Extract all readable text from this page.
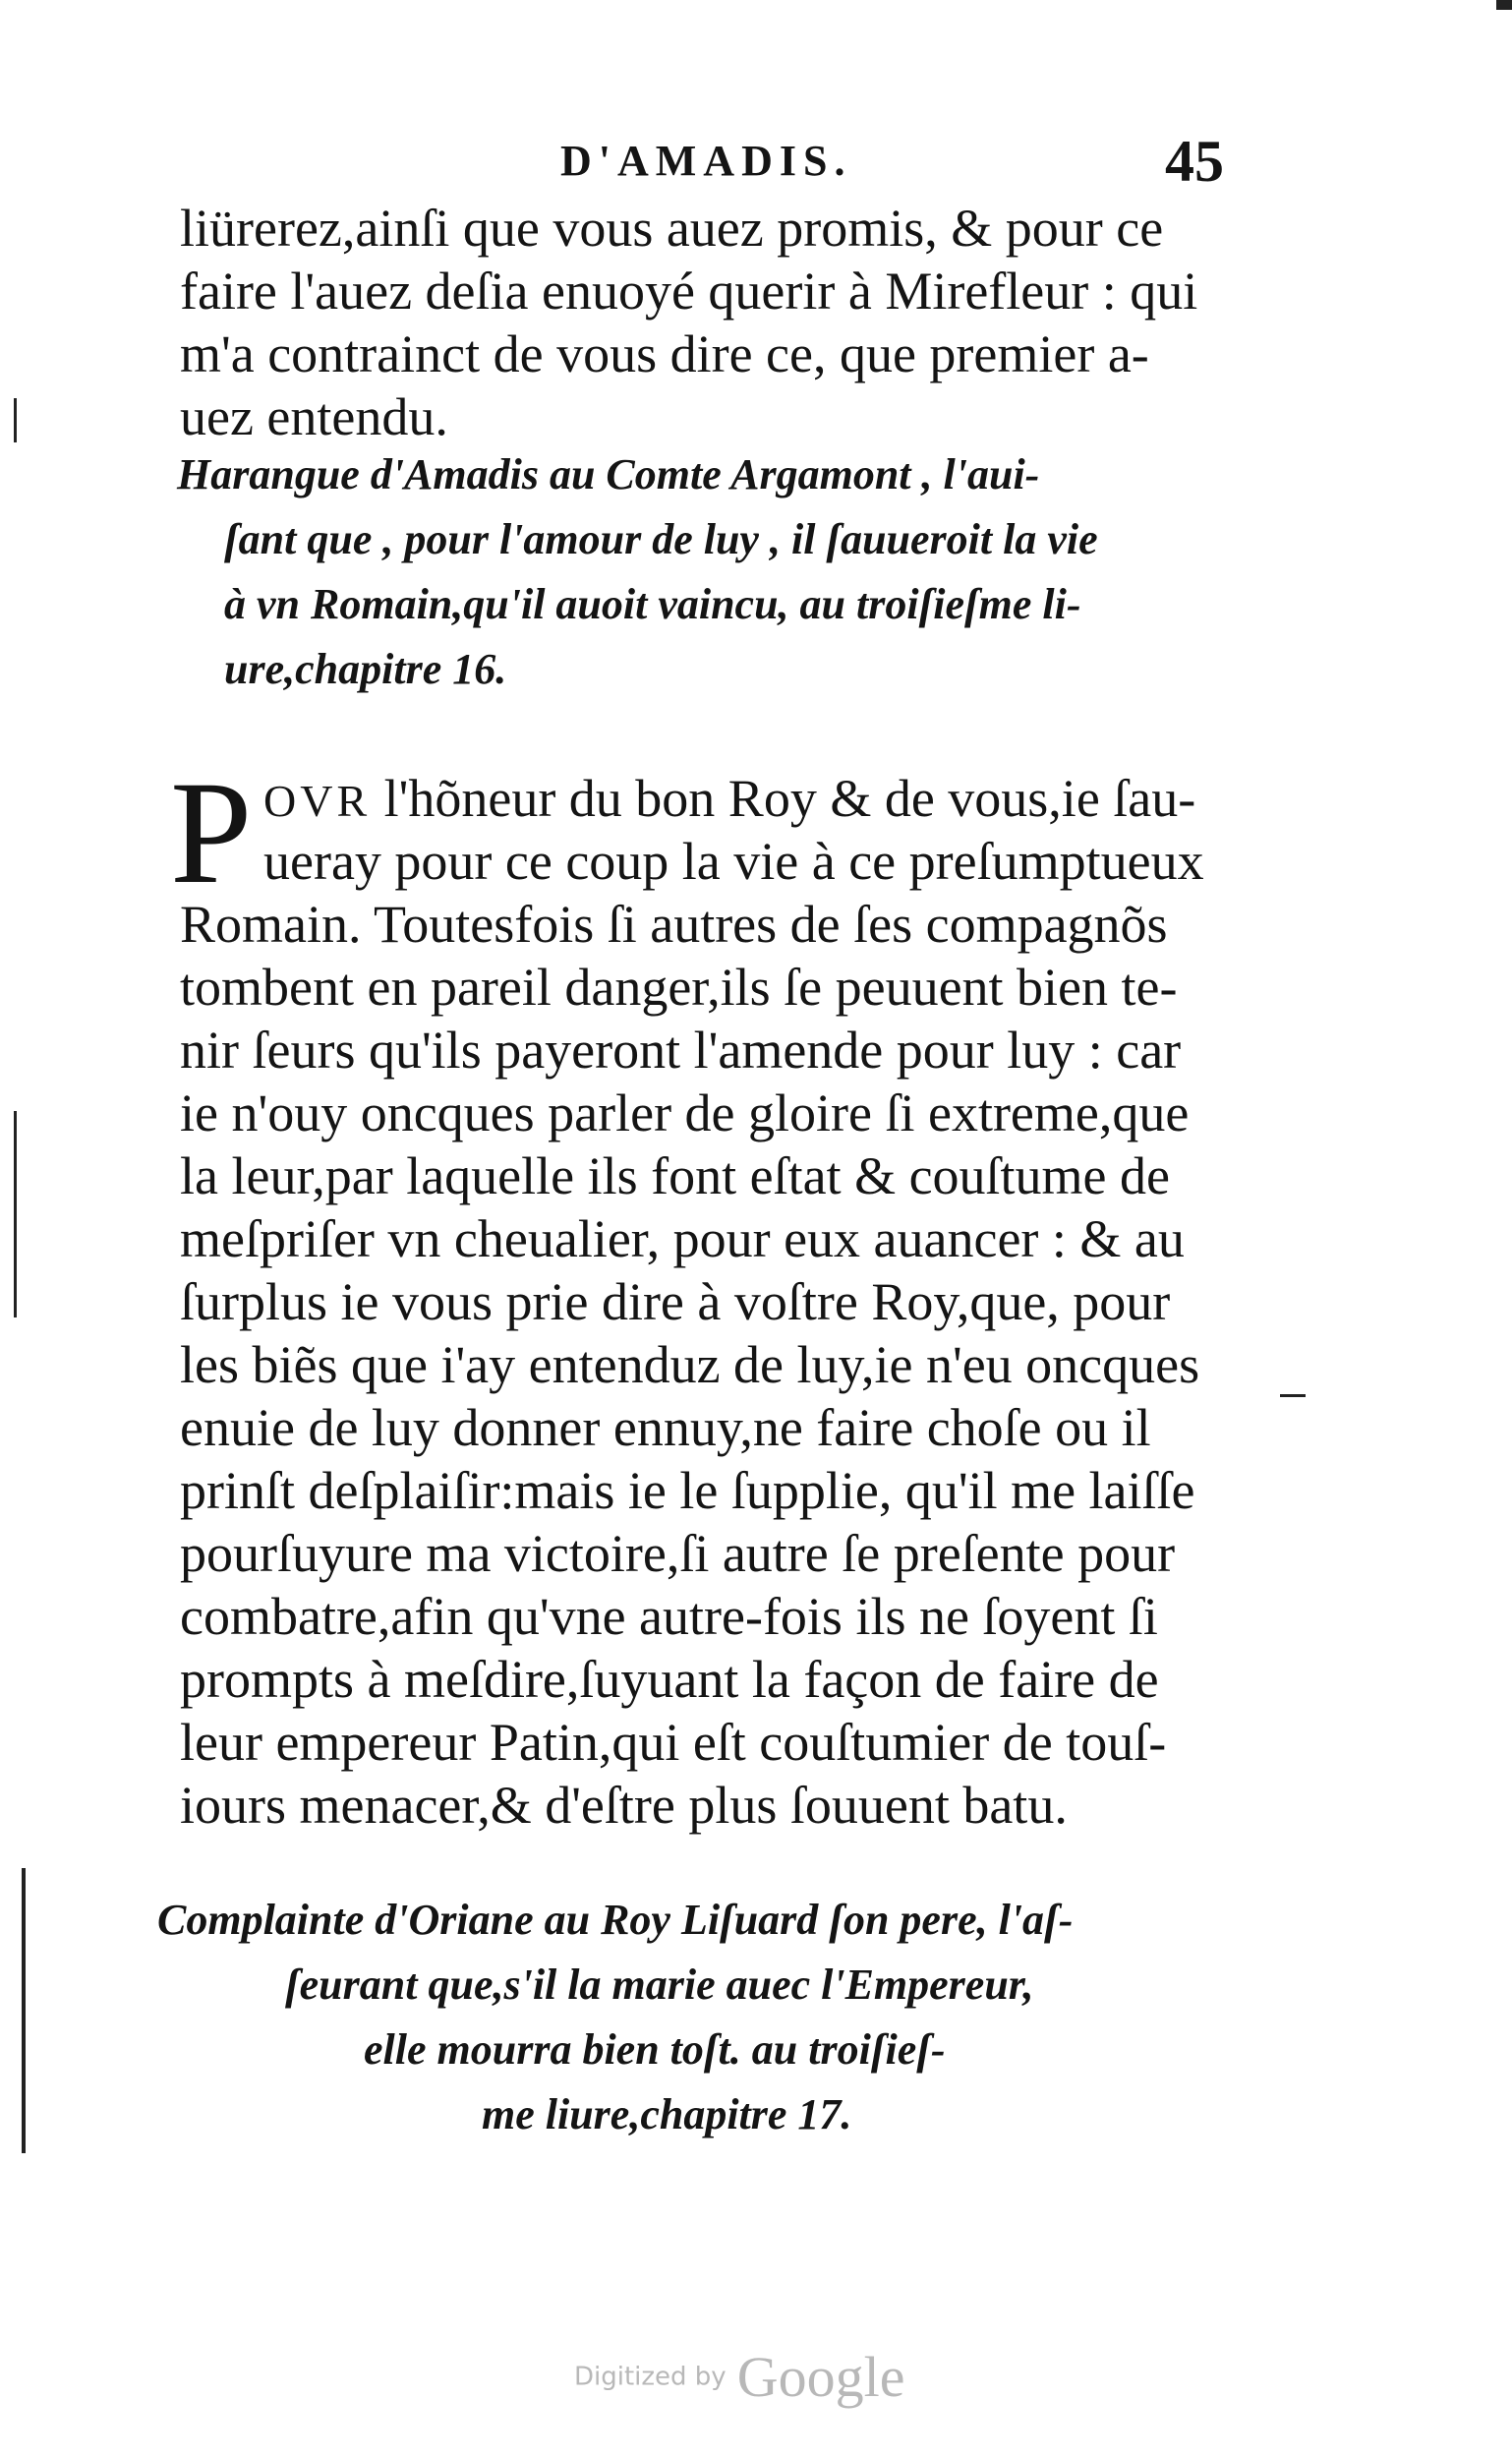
D'AMADIS.	45
liürerez,ainſi que vous auez promis, & pour ce
faire l'auez deſia enuoyé querir à Mirefleur : qui
m'a contrainct de vous dire ce, que premier a-
uez entendu.
Harangue d'Amadis au Comte Argamont , l'aui-
ſant que , pour l'amour de luy , il ſauueroit la vie
à vn Romain,qu'il auoit vaincu, au troiſieſme li-
ure,chapitre 16.
P OVR l'hõneur du bon Roy & de vous,ie ſau-
ueray pour ce coup la vie à ce preſumptueux
Romain. Toutesfois ſi autres de ſes compagnõs
tombent en pareil danger,ils ſe peuuent bien te-
nir ſeurs qu'ils payeront l'amende pour luy : car
ie n'ouy oncques parler de gloire ſi extreme,que
la leur,par laquelle ils font eſtat & couſtume de
meſpriſer vn cheualier, pour eux auancer : & au
ſurplus ie vous prie dire à voſtre Roy,que, pour
les biẽs que i'ay entenduz de luy,ie n'eu oncques
enuie de luy donner ennuy,ne faire choſe ou il
prinſt deſplaiſir:mais ie le ſupplie, qu'il me laiſſe
pourſuyure ma victoire,ſi autre ſe preſente pour
combatre,afin qu'vne autre-fois ils ne ſoyent ſi
prompts à meſdire,ſuyuant la façon de faire de
leur empereur Patin,qui eſt couſtumier de touſ-
iours menacer,& d'eſtre plus ſouuent batu.
Complainte d'Oriane au Roy Liſuard ſon pere, l'aſ-
ſeurant que,s'il la marie auec l'Empereur,
elle mourra bien toſt. au troiſieſ-
me liure,chapitre 17.
Digitized by Google
